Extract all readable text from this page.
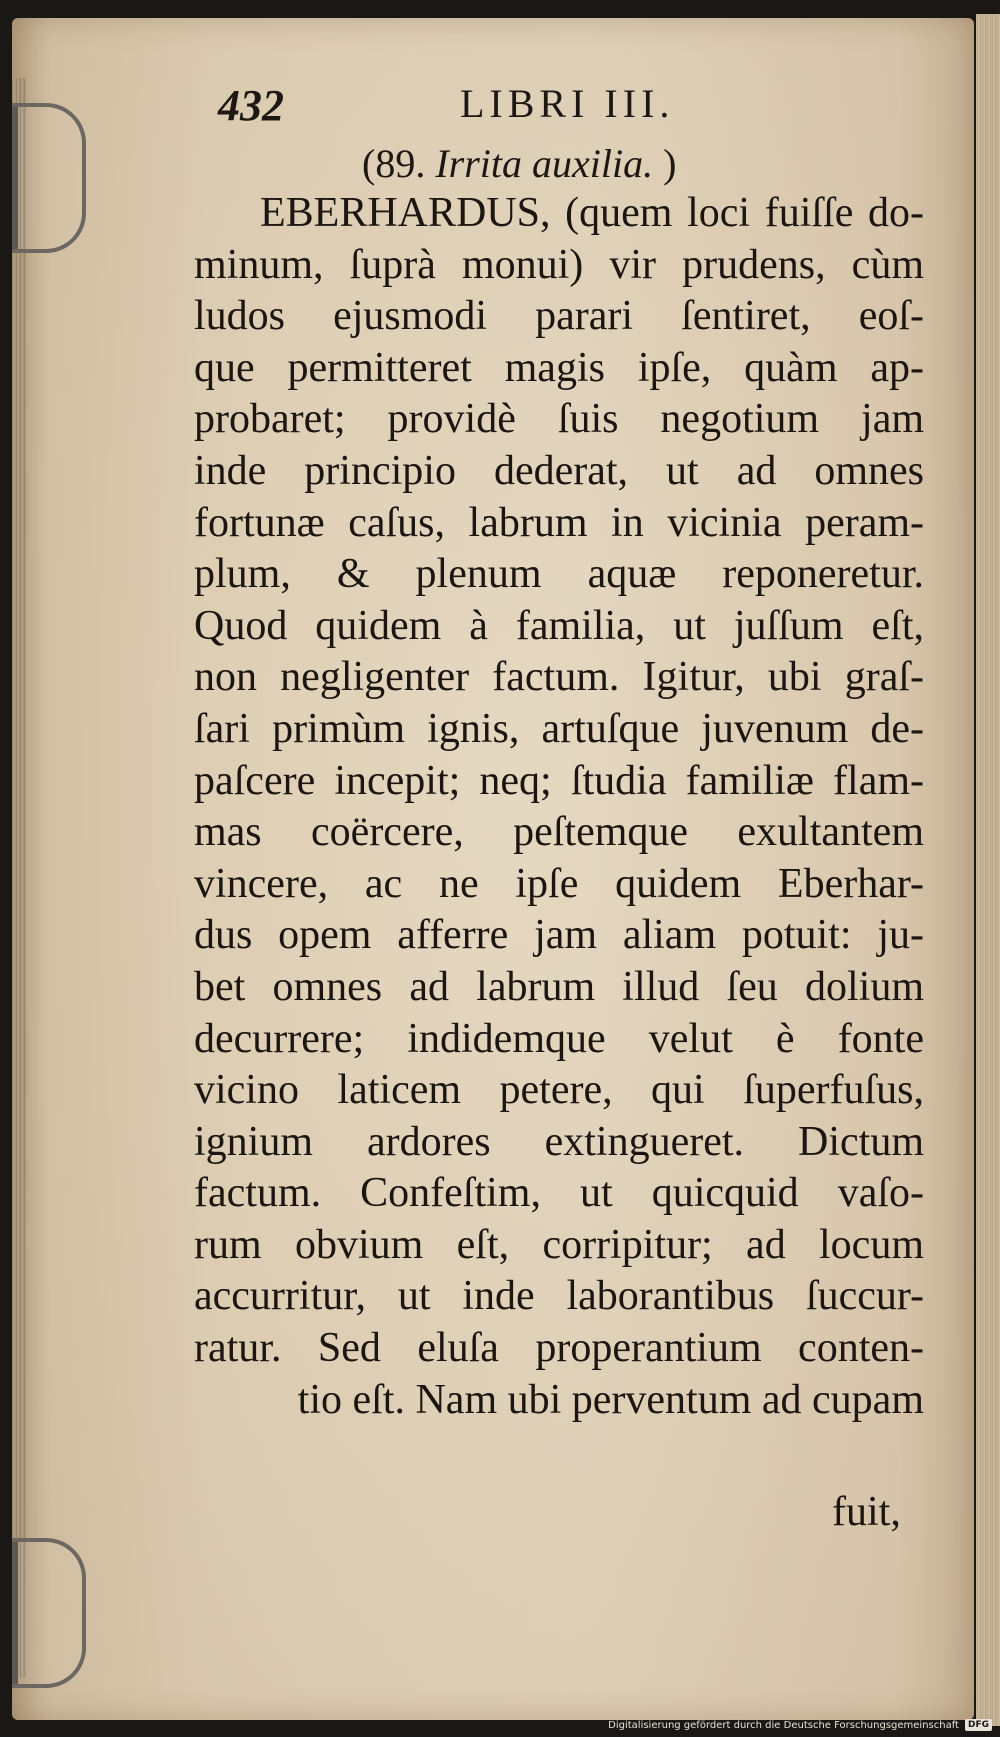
432	LIBRI III.
(89. Irrita auxilia. )
EBERHARDUS, (quem loci fuiſſe do-
minum, ſuprà monui) vir prudens, cùm
ludos ejusmodi parari ſentiret, eoſ-
que permitteret magis ipſe, quàm ap-
probaret; providè ſuis negotium jam
inde principio dederat, ut ad omnes
fortunæ caſus, labrum in vicinia peram-
plum, & plenum aquæ reponeretur.
Quod quidem à familia, ut juſſum eſt,
non negligenter factum. Igitur, ubi graſ-
ſari primùm ignis, artuſque juvenum de-
paſcere incepit; neq; ſtudia familiæ flam-
mas coërcere, peſtemque exultantem
vincere, ac ne ipſe quidem Eberhar-
dus opem afferre jam aliam potuit: ju-
bet omnes ad labrum illud ſeu dolium
decurrere; indidemque velut è fonte
vicino laticem petere, qui ſuperfuſus,
ignium ardores extingueret. Dictum
factum. Confeſtim, ut quicquid vaſo-
rum obvium eſt, corripitur; ad locum
accurritur, ut inde laborantibus ſuccur-
ratur. Sed eluſa properantium conten-
tio eſt. Nam ubi perventum ad cupam
fuit,
Digitalisierung gefördert durch die Deutsche Forschungsgemeinschaft	DFG
